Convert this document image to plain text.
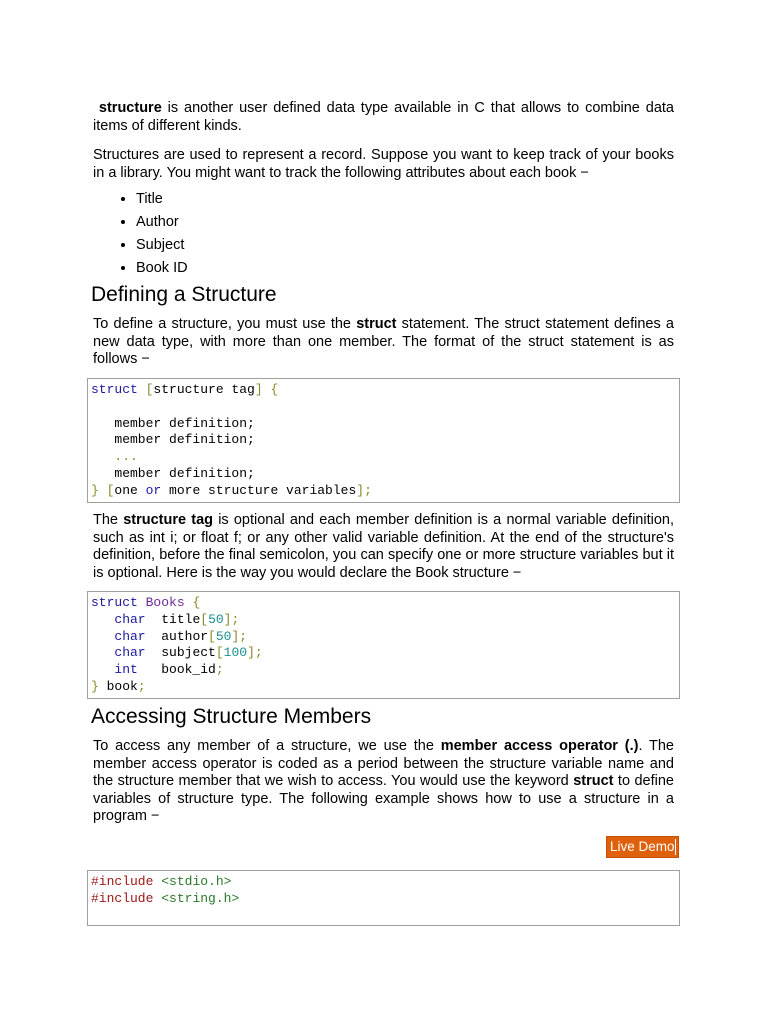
structure is another user defined data type available in C that allows to combine data items of different kinds.

Structures are used to represent a record. Suppose you want to keep track of your books in a library. You might want to track the following attributes about each book −

• Title
• Author
• Subject
• Book ID
Defining a Structure

To define a structure, you must use the struct statement. The struct statement defines a new data type, with more than one member. The format of the struct statement is as follows −

struct [structure tag] {

member definition;
member definition;
...
member definition;
} [one or more structure variables];

The structure tag is optional and each member definition is a normal variable definition, such as int i; or float f; or any other valid variable definition. At the end of the structure's definition, before the final semicolon, you can specify one or more structure variables but it is optional. Here is the way you would declare the Book structure −

struct Books {
char title[50];
char author[50];
char subject[100];
int book_id;
} book;
Accessing Structure Members

To access any member of a structure, we use the member access operator (.). The member access operator is coded as a period between the structure variable name and the structure member that we wish to access. You would use the keyword struct to define variables of structure type. The following example shows how to use a structure in a program −

Live Demo
#include <stdio.h>
#include <string.h>
